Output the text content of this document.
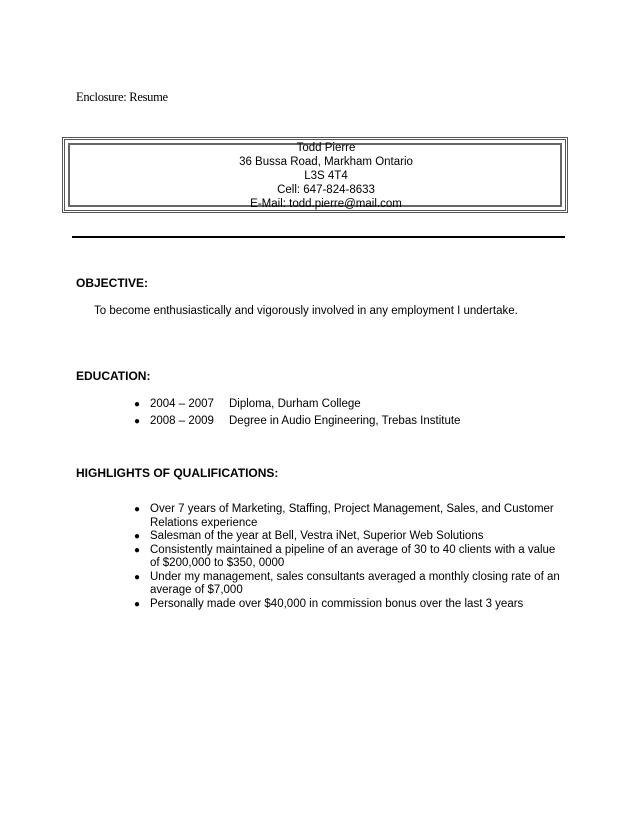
Enclosure: Resume
Todd Pierre
36 Bussa Road, Markham Ontario
L3S 4T4
Cell: 647-824-8633
E-Mail: todd.pierre@mail.com
OBJECTIVE:
To become enthusiastically and vigorously involved in any employment I undertake.
EDUCATION:
● 2004 – 2007 Diploma, Durham College
● 2008 – 2009 Degree in Audio Engineering, Trebas Institute
HIGHLIGHTS OF QUALIFICATIONS:
● Over 7 years of Marketing, Staffing, Project Management, Sales, and Customer Relations experience
● Salesman of the year at Bell, Vestra iNet, Superior Web Solutions
● Consistently maintained a pipeline of an average of 30 to 40 clients with a value of $200,000 to $350, 0000
● Under my management, sales consultants averaged a monthly closing rate of an average of $7,000
● Personally made over $40,000 in commission bonus over the last 3 years
